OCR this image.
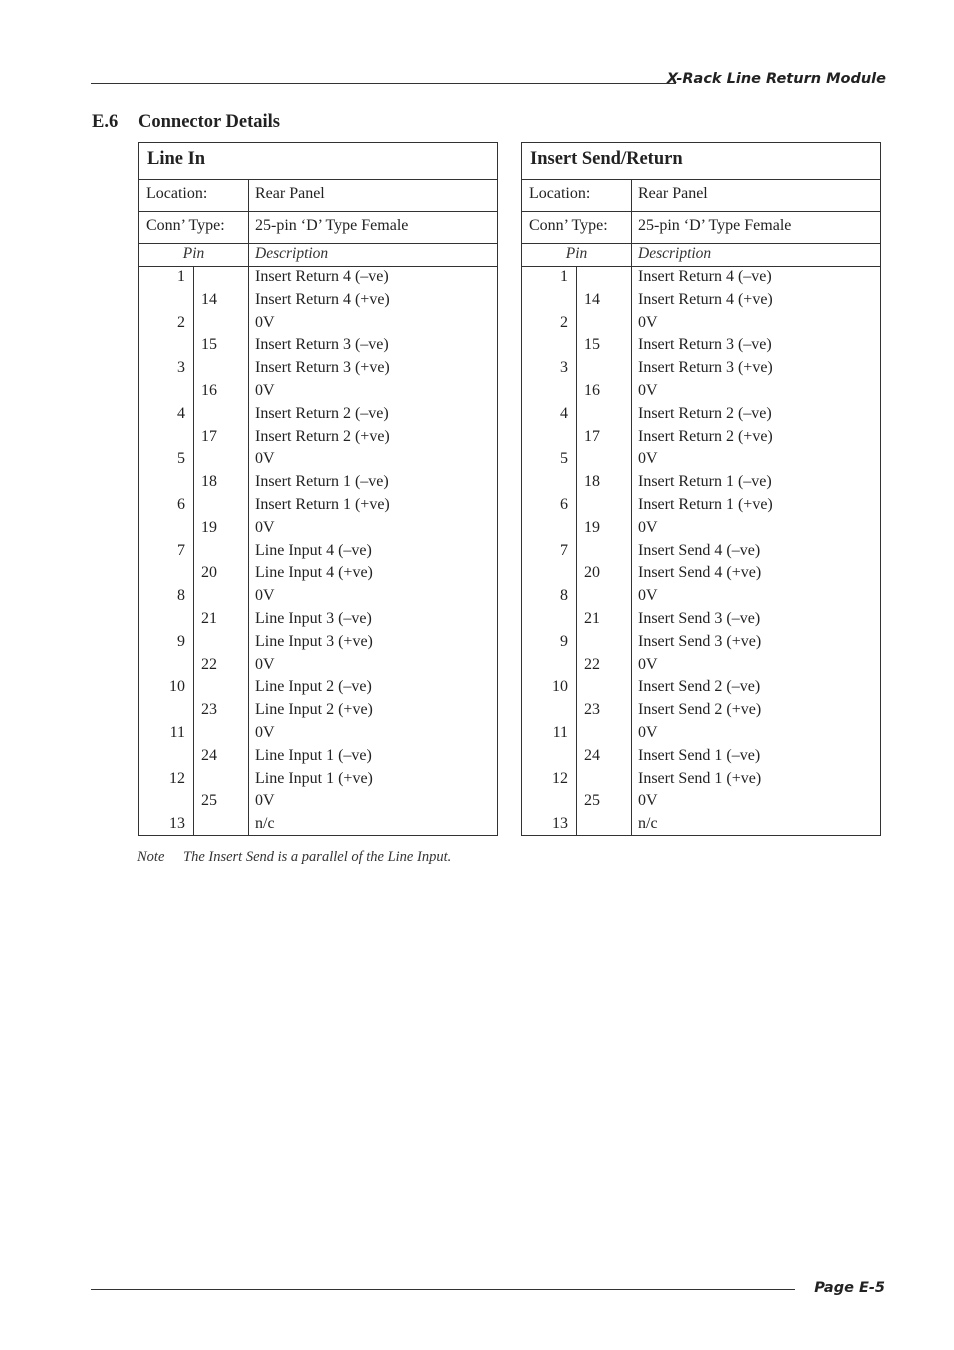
X-Rack Line Return Module
E.6 Connector Details
Line In
Location:	Rear Panel
Conn’ Type: 25-pin ‘D’ Type Female
Pin	Description
1	Insert Return 4 (–ve)
14 Insert Return 4 (+ve)
2	0V
15 Insert Return 3 (–ve)
3	Insert Return 3 (+ve)
16 0V
4	Insert Return 2 (–ve)
17 Insert Return 2 (+ve)
5	0V
18 Insert Return 1 (–ve)
6	Insert Return 1 (+ve)
19 0V
7	Line Input 4 (–ve)
20 Line Input 4 (+ve)
8	0V
21 Line Input 3 (–ve)
9	Line Input 3 (+ve)
22 0V
10	Line Input 2 (–ve)
23 Line Input 2 (+ve)
11	0V
24 Line Input 1 (–ve)
12	Line Input 1 (+ve)
25 0V
13	n/c
Insert Send/Return
Location:	Rear Panel
Conn’ Type: 25-pin ‘D’ Type Female
Pin	Description
1	Insert Return 4 (–ve)
14 Insert Return 4 (+ve)
2	0V
15 Insert Return 3 (–ve)
3	Insert Return 3 (+ve)
16 0V
4	Insert Return 2 (–ve)
17 Insert Return 2 (+ve)
5	0V
18 Insert Return 1 (–ve)
6	Insert Return 1 (+ve)
19 0V
7	Insert Send 4 (–ve)
20 Insert Send 4 (+ve)
8	0V
21 Insert Send 3 (–ve)
9	Insert Send 3 (+ve)
22 0V
10	Insert Send 2 (–ve)
23 Insert Send 2 (+ve)
11	0V
24 Insert Send 1 (–ve)
12	Insert Send 1 (+ve)
25 0V
13	n/c
Note The Insert Send is a parallel of the Line Input.
Page E-5
